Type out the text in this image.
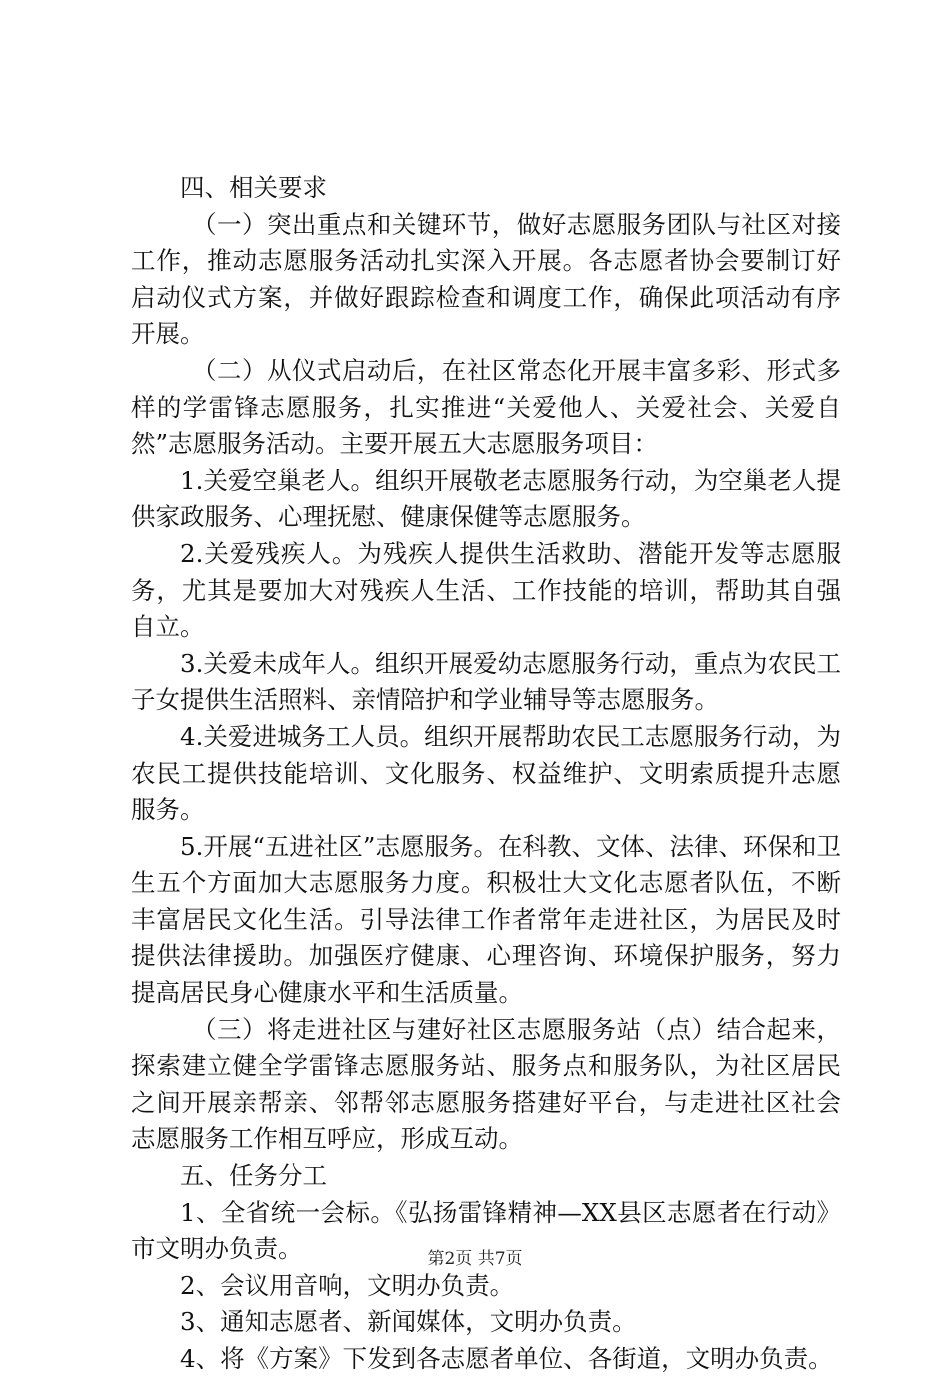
四、相关要求

（一）突出重点和关键环节，做好志愿服务团队与社区对接工作，推动志愿服务活动扎实深入开展。各志愿者协会要制订好启动仪式方案，并做好跟踪检查和调度工作，确保此项活动有序开展。

（二）从仪式启动后，在社区常态化开展丰富多彩、形式多样的学雷锋志愿服务，扎实推进“关爱他人、关爱社会、关爱自然”志愿服务活动。主要开展五大志愿服务项目：

1.关爱空巢老人。组织开展敬老志愿服务行动，为空巢老人提供家政服务、心理抚慰、健康保健等志愿服务。

2.关爱残疾人。为残疾人提供生活救助、潜能开发等志愿服务，尤其是要加大对残疾人生活、工作技能的培训，帮助其自强自立。

3.关爱未成年人。组织开展爱幼志愿服务行动，重点为农民工子女提供生活照料、亲情陪护和学业辅导等志愿服务。

4.关爱进城务工人员。组织开展帮助农民工志愿服务行动，为农民工提供技能培训、文化服务、权益维护、文明索质提升志愿服务。

5.开展“五进社区”志愿服务。在科教、文体、法律、环保和卫生五个方面加大志愿服务力度。积极壮大文化志愿者队伍，不断丰富居民文化生活。引导法律工作者常年走进社区，为居民及时提供法律援助。加强医疗健康、心理咨询、环境保护服务，努力提高居民身心健康水平和生活质量。

（三）将走进社区与建好社区志愿服务站（点）结合起来，探索建立健全学雷锋志愿服务站、服务点和服务队，为社区居民之间开展亲帮亲、邻帮邻志愿服务搭建好平台，与走进社区社会志愿服务工作相互呼应，形成互动。

五、任务分工

1、全省统一会标。《弘扬雷锋精神—XX县区志愿者在行动》市文明办负责。

2、会议用音响，文明办负责。

3、通知志愿者、新闻媒体，文明办负责。

4、将《方案》下发到各志愿者单位、各街道，文明办负责。

第2页 共7页
